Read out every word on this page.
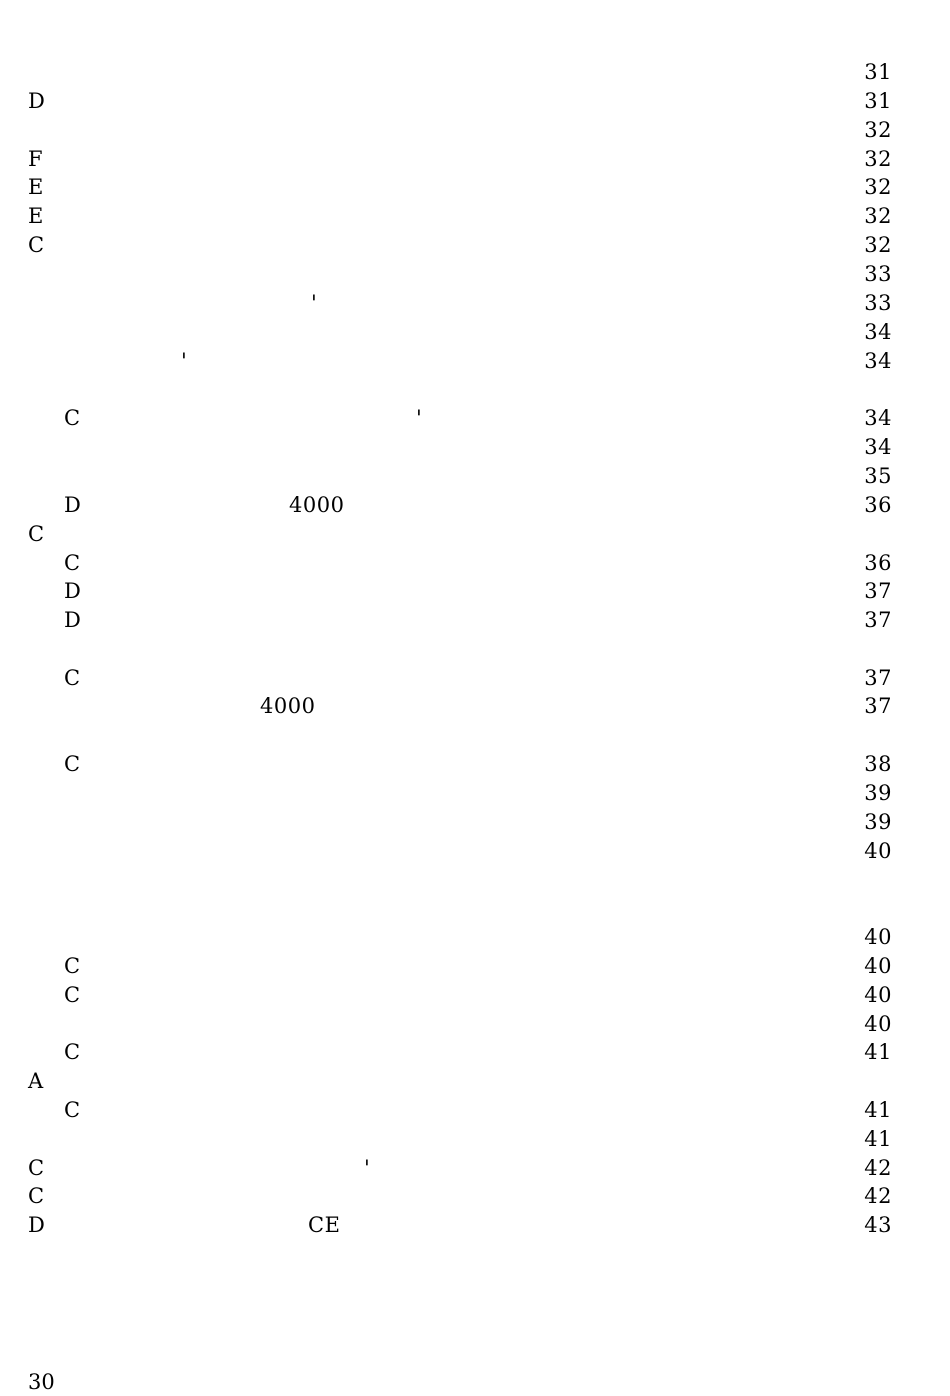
31
D	31
32
F	32
E	32
E	32
C	32
33
'	33
34
'	34
C	'	34
34
35
D	4000	36
C
C	36
D	37
D	37
C	37
4000	37
C	38
39
39
40
40
C	40
C	40
40
C	41
A
C	41
41
C	'	42
C	42
D	CE	43
30
